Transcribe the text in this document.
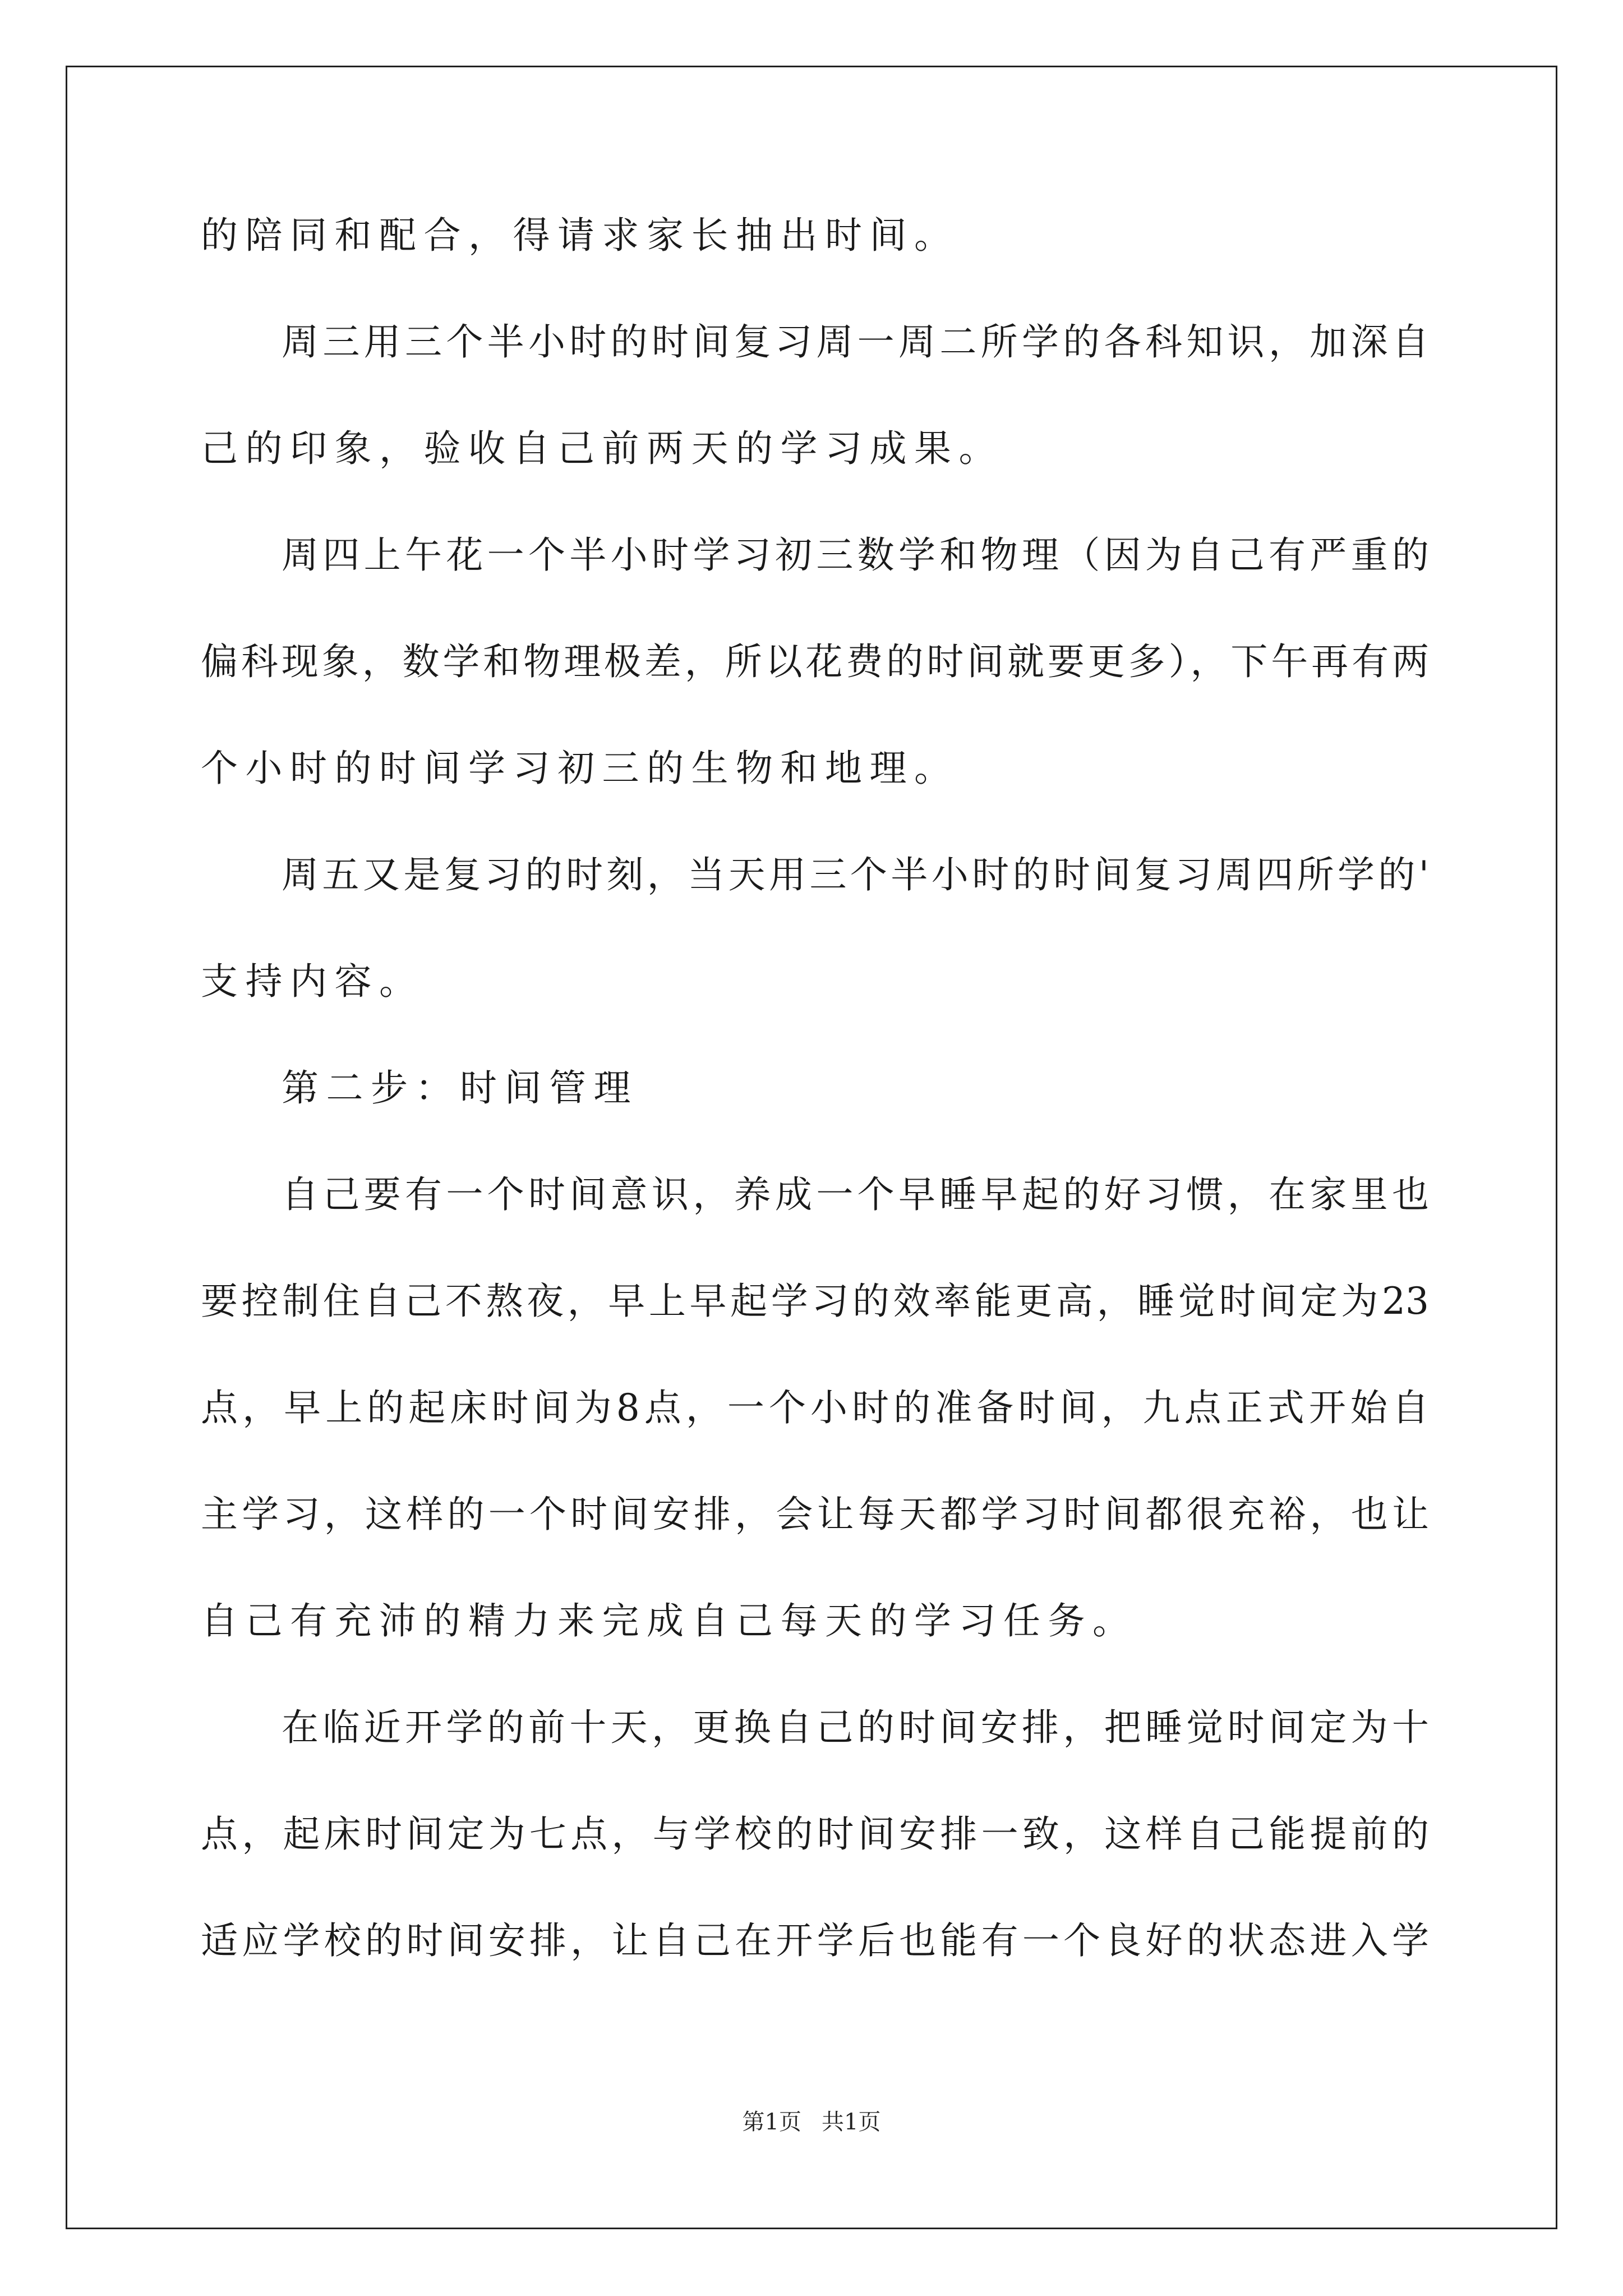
的陪同和配合，得请求家长抽出时间。
周三用三个半小时的时间复习周一周二所学的各科知识，加深自
己的印象，验收自己前两天的学习成果。
周四上午花一个半小时学习初三数学和物理（因为自己有严重的
偏科现象，数学和物理极差，所以花费的时间就要更多），下午再有两
个小时的时间学习初三的生物和地理。
周五又是复习的时刻，当天用三个半小时的时间复习周四所学的'
支持内容。
第二步：时间管理
自己要有一个时间意识，养成一个早睡早起的好习惯，在家里也
要控制住自己不熬夜，早上早起学习的效率能更高，睡觉时间定为23
点，早上的起床时间为8点，一个小时的准备时间，九点正式开始自
主学习，这样的一个时间安排，会让每天都学习时间都很充裕，也让
自己有充沛的精力来完成自己每天的学习任务。
在临近开学的前十天，更换自己的时间安排，把睡觉时间定为十
点，起床时间定为七点，与学校的时间安排一致，这样自己能提前的
适应学校的时间安排，让自己在开学后也能有一个良好的状态进入学
第1页 共1页
